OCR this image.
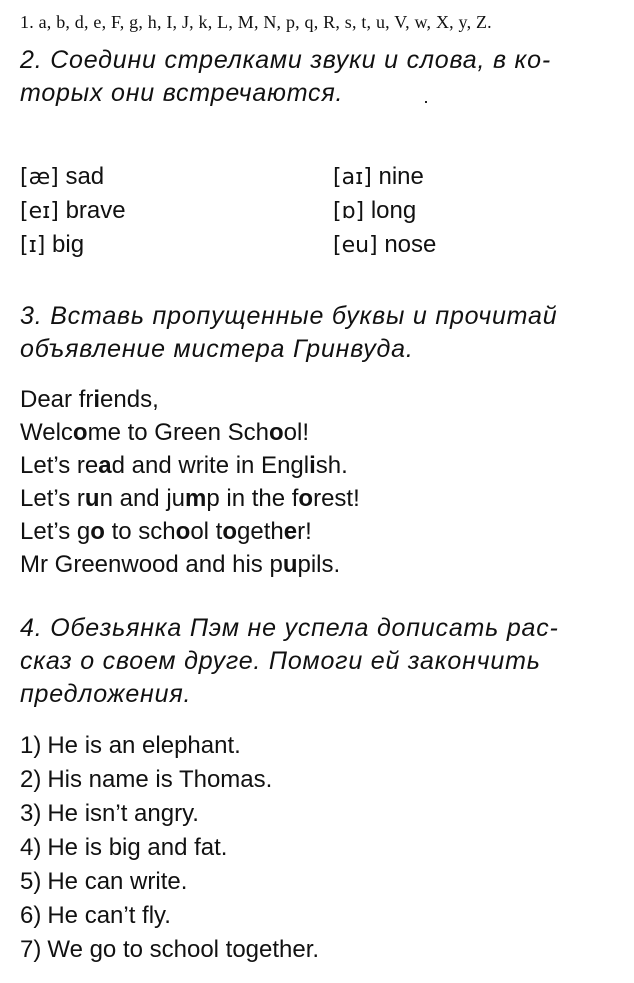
1. a, b, d, e, F, g, h, I, J, k, L, M, N, p, q, R, s, t, u, V, w, X, y, Z.
2. Соедини стрелками звуки и слова, в ко-
торых они встречаются.
[æ] sad
[eɪ] brave
[ɪ] big
[aɪ] nine
[ɒ] long
[eu] nose
3. Вставь пропущенные буквы и прочитай
объявление мистера Гринвуда.
Dear friends,
Welcome to Green School!
Let’s read and write in English.
Let’s run and jump in the forest!
Let’s go to school together!
Mr Greenwood and his pupils.
4. Обезьянка Пэм не успела дописать рас-
сказ о своем друге. Помоги ей закончить
предложения.
1) He is an elephant.
2) His name is Thomas.
3) He isn’t angry.
4) He is big and fat.
5) He can write.
6) He can’t fly.
7) We go to school together.
